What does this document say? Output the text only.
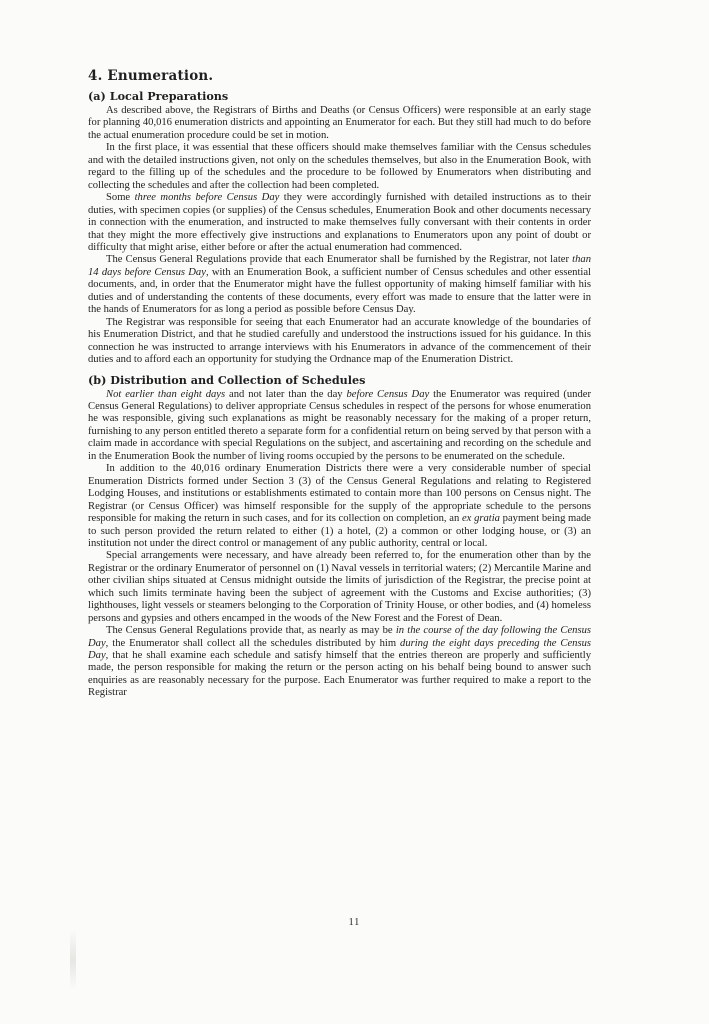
4. Enumeration.
(a) Local Preparations

As described above, the Registrars of Births and Deaths (or Census Officers) were responsible at an early stage for planning 40,016 enumeration districts and appointing an Enumerator for each. But they still had much to do before the actual enumeration procedure could be set in motion.

In the first place, it was essential that these officers should make themselves familiar with the Census schedules and with the detailed instructions given, not only on the schedules themselves, but also in the Enumeration Book, with regard to the filling up of the schedules and the procedure to be followed by Enumerators when distributing and collecting the schedules and after the collection had been completed.

Some three months before Census Day they were accordingly furnished with detailed instructions as to their duties, with specimen copies (or supplies) of the Census schedules, Enumeration Book and other documents necessary in connection with the enumeration, and instructed to make themselves fully conversant with their contents in order that they might the more effectively give instructions and explanations to Enumerators upon any point of doubt or difficulty that might arise, either before or after the actual enumeration had commenced.

The Census General Regulations provide that each Enumerator shall be furnished by the Registrar, not later than 14 days before Census Day, with an Enumeration Book, a sufficient number of Census schedules and other essential documents, and, in order that the Enumerator might have the fullest opportunity of making himself familiar with his duties and of understanding the contents of these documents, every effort was made to ensure that the latter were in the hands of Enumerators for as long a period as possible before Census Day.

The Registrar was responsible for seeing that each Enumerator had an accurate knowledge of the boundaries of his Enumeration District, and that he studied carefully and understood the instructions issued for his guidance. In this connection he was instructed to arrange interviews with his Enumerators in advance of the commencement of their duties and to afford each an opportunity for studying the Ordnance map of the Enumeration District.

(b) Distribution and Collection of Schedules

Not earlier than eight days and not later than the day before Census Day the Enumerator was required (under Census General Regulations) to deliver appropriate Census schedules in respect of the persons for whose enumeration he was responsible, giving such explanations as might be reasonably necessary for the making of a proper return, furnishing to any person entitled thereto a separate form for a confidential return on being served by that person with a claim made in accordance with special Regulations on the subject, and ascertaining and recording on the schedule and in the Enumeration Book the number of living rooms occupied by the persons to be enumerated on the schedule.

In addition to the 40,016 ordinary Enumeration Districts there were a very considerable number of special Enumeration Districts formed under Section 3 (3) of the Census General Regulations and relating to Registered Lodging Houses, and institutions or establishments estimated to contain more than 100 persons on Census night. The Registrar (or Census Officer) was himself responsible for the supply of the appropriate schedule to the persons responsible for making the return in such cases, and for its collection on completion, an ex gratia payment being made to such person provided the return related to either (1) a hotel, (2) a common or other lodging house, or (3) an institution not under the direct control or management of any public authority, central or local.

Special arrangements were necessary, and have already been referred to, for the enumeration other than by the Registrar or the ordinary Enumerator of personnel on (1) Naval vessels in territorial waters; (2) Mercantile Marine and other civilian ships situated at Census midnight outside the limits of jurisdiction of the Registrar, the precise point at which such limits terminate having been the subject of agreement with the Customs and Excise authorities; (3) lighthouses, light vessels or steamers belonging to the Corporation of Trinity House, or other bodies, and (4) homeless persons and gypsies and others encamped in the woods of the New Forest and the Forest of Dean.

The Census General Regulations provide that, as nearly as may be in the course of the day following the Census Day, the Enumerator shall collect all the schedules distributed by him during the eight days preceding the Census Day, that he shall examine each schedule and satisfy himself that the entries thereon are properly and sufficiently made, the person responsible for making the return or the person acting on his behalf being bound to answer such enquiries as are reasonably necessary for the purpose. Each Enumerator was further required to make a report to the Registrar

11
